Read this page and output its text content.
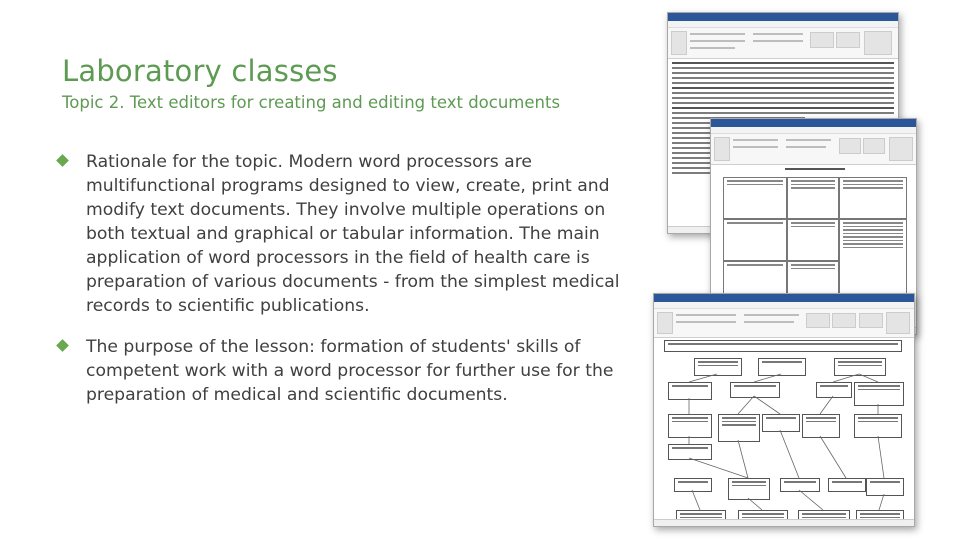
Laboratory classes
Topic 2. Text editors for creating and editing text documents
Rationale for the topic. Modern word processors are multifunctional programs designed to view, create, print and modify text documents. They involve multiple operations on both textual and graphical or tabular information. The main application of word processors in the field of health care is preparation of various documents - from the simplest medical records to scientific publications.
The purpose of the lesson: formation of students' skills of competent work with a word processor for further use for the preparation of medical and scientific documents.
